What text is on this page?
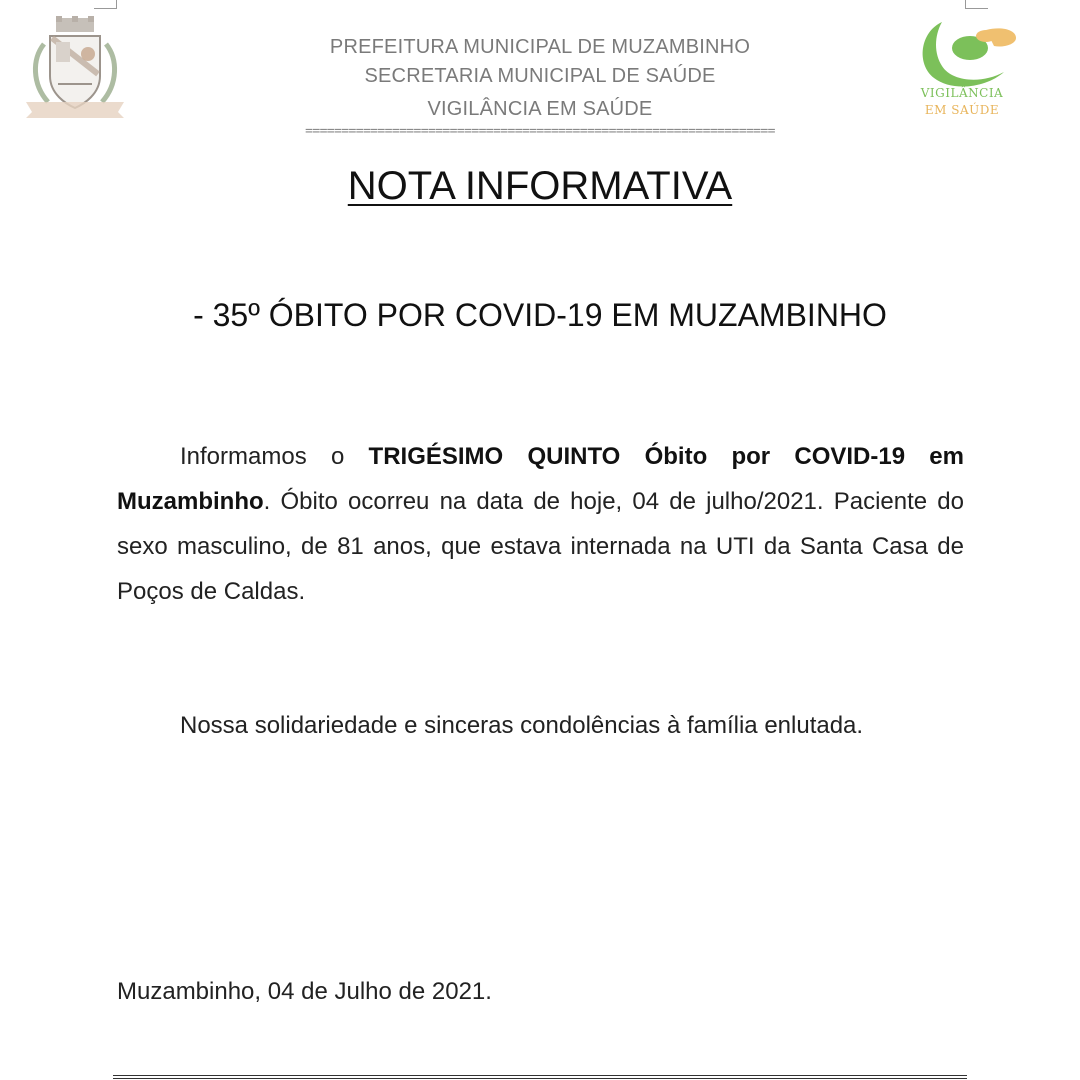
VIGILÂNCIA
EM SAÚDE
PREFEITURA MUNICIPAL DE MUZAMBINHO
SECRETARIA MUNICIPAL DE SAÚDE
VIGILÂNCIA EM SAÚDE
=================================================================
NOTA INFORMATIVA
- 35º ÓBITO POR COVID-19 EM MUZAMBINHO
Informamos o TRIGÉSIMO QUINTO Óbito por COVID-19 em Muzambinho. Óbito ocorreu na data de hoje, 04 de julho/2021. Paciente do sexo masculino, de 81 anos, que estava internada na UTI da Santa Casa de Poços de Caldas.
Nossa solidariedade e sinceras condolências à família enlutada.
Muzambinho, 04 de Julho de 2021.
